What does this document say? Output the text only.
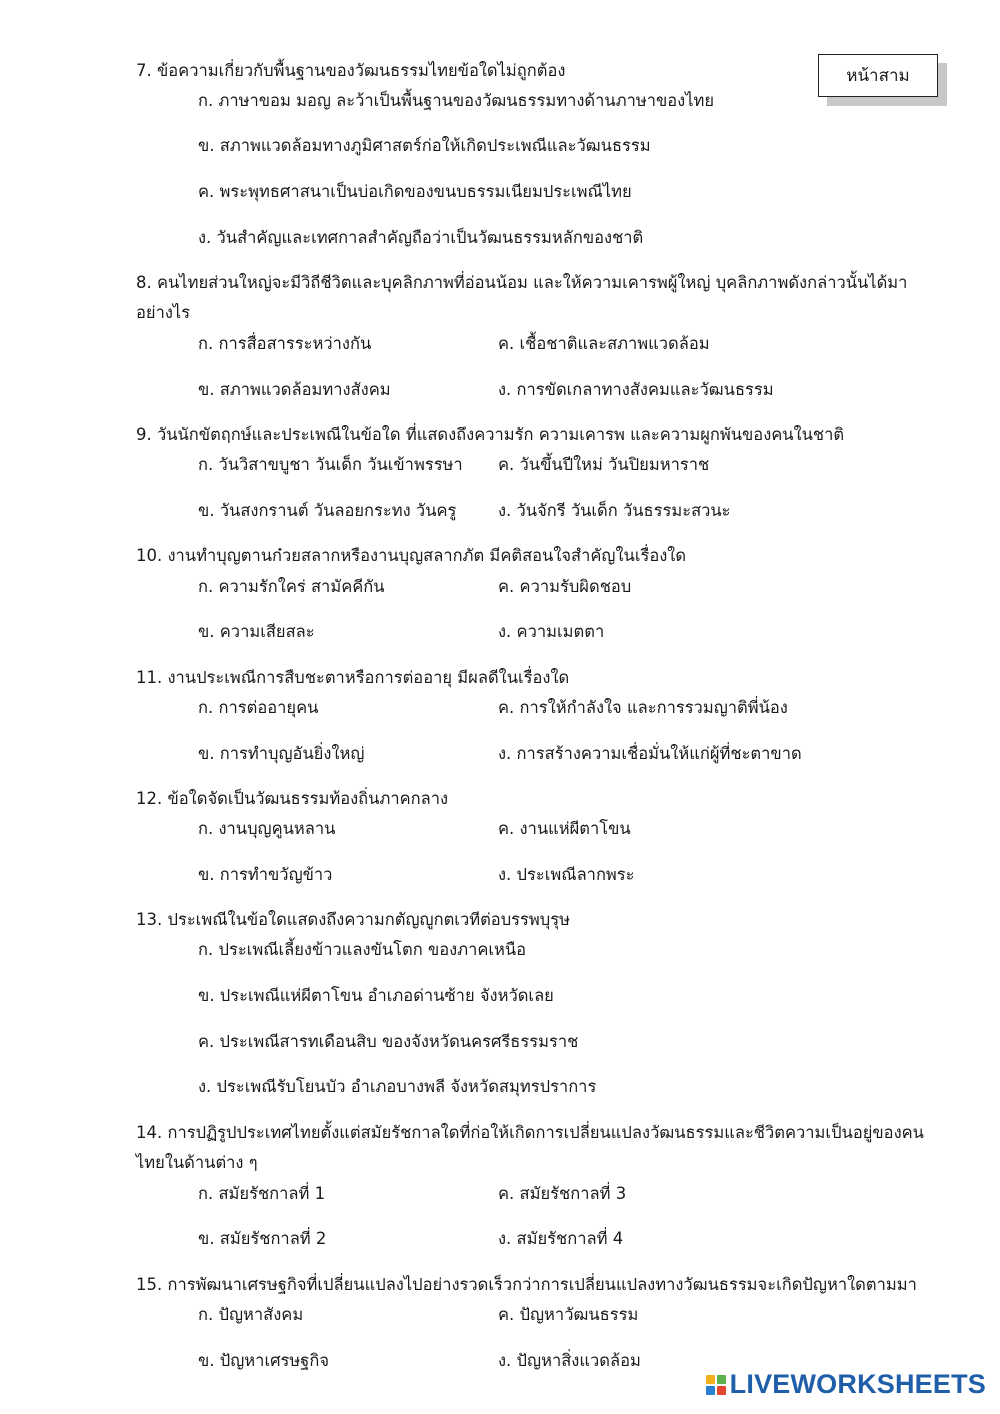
หน้าสาม
7. ข้อความเกี่ยวกับพื้นฐานของวัฒนธรรมไทยข้อใดไม่ถูกต้อง
ก. ภาษาขอม มอญ ละว้าเป็นพื้นฐานของวัฒนธรรมทางด้านภาษาของไทย
ข. สภาพแวดล้อมทางภูมิศาสตร์ก่อให้เกิดประเพณีและวัฒนธรรม
ค. พระพุทธศาสนาเป็นบ่อเกิดของขนบธรรมเนียมประเพณีไทย
ง. วันสำคัญและเทศกาลสำคัญถือว่าเป็นวัฒนธรรมหลักของชาติ
8. คนไทยส่วนใหญ่จะมีวิถีชีวิตและบุคลิกภาพที่อ่อนน้อม และให้ความเคารพผู้ใหญ่ บุคลิกภาพดังกล่าวนั้นได้มาอย่างไร
ก. การสื่อสารระหว่างกัน	ค. เชื้อชาติและสภาพแวดล้อม
ข. สภาพแวดล้อมทางสังคม	ง. การขัดเกลาทางสังคมและวัฒนธรรม
9. วันนักขัตฤกษ์และประเพณีในข้อใด ที่แสดงถึงความรัก ความเคารพ และความผูกพันของคนในชาติ
ก. วันวิสาขบูชา วันเด็ก วันเข้าพรรษา ค. วันขึ้นปีใหม่ วันปิยมหาราช
ข. วันสงกรานต์ วันลอยกระทง วันครู	ง. วันจักรี วันเด็ก วันธรรมะสวนะ
10. งานทำบุญตานก๋วยสลากหรืองานบุญสลากภัต มีคติสอนใจสำคัญในเรื่องใด
ก. ความรักใคร่ สามัคคีกัน	ค. ความรับผิดชอบ
ข. ความเสียสละ	ง. ความเมตตา
11. งานประเพณีการสืบชะตาหรือการต่ออายุ มีผลดีในเรื่องใด
ก. การต่ออายุคน	ค. การให้กำลังใจ และการรวมญาติพี่น้อง
ข. การทำบุญอันยิ่งใหญ่	ง. การสร้างความเชื่อมั่นให้แก่ผู้ที่ชะตาขาด
12. ข้อใดจัดเป็นวัฒนธรรมท้องถิ่นภาคกลาง
ก. งานบุญคูนหลาน	ค. งานแห่ผีตาโขน
ข. การทำขวัญข้าว	ง. ประเพณีลากพระ
13. ประเพณีในข้อใดแสดงถึงความกตัญญูกตเวทีต่อบรรพบุรุษ
ก. ประเพณีเลี้ยงข้าวแลงขันโตก ของภาคเหนือ
ข. ประเพณีแห่ผีตาโขน อำเภอด่านซ้าย จังหวัดเลย
ค. ประเพณีสารทเดือนสิบ ของจังหวัดนครศรีธรรมราช
ง. ประเพณีรับโยนบัว อำเภอบางพลี จังหวัดสมุทรปราการ
14. การปฏิรูปประเทศไทยตั้งแต่สมัยรัชกาลใดที่ก่อให้เกิดการเปลี่ยนแปลงวัฒนธรรมและชีวิตความเป็นอยู่ของคนไทยในด้านต่าง ๆ
ก. สมัยรัชกาลที่ 1	ค. สมัยรัชกาลที่ 3
ข. สมัยรัชกาลที่ 2	ง. สมัยรัชกาลที่ 4
15. การพัฒนาเศรษฐกิจที่เปลี่ยนแปลงไปอย่างรวดเร็วกว่าการเปลี่ยนแปลงทางวัฒนธรรมจะเกิดปัญหาใดตามมา
ก. ปัญหาสังคม	ค. ปัญหาวัฒนธรรม
ข. ปัญหาเศรษฐกิจ	ง. ปัญหาสิ่งแวดล้อม
LIVEWORKSHEETS
